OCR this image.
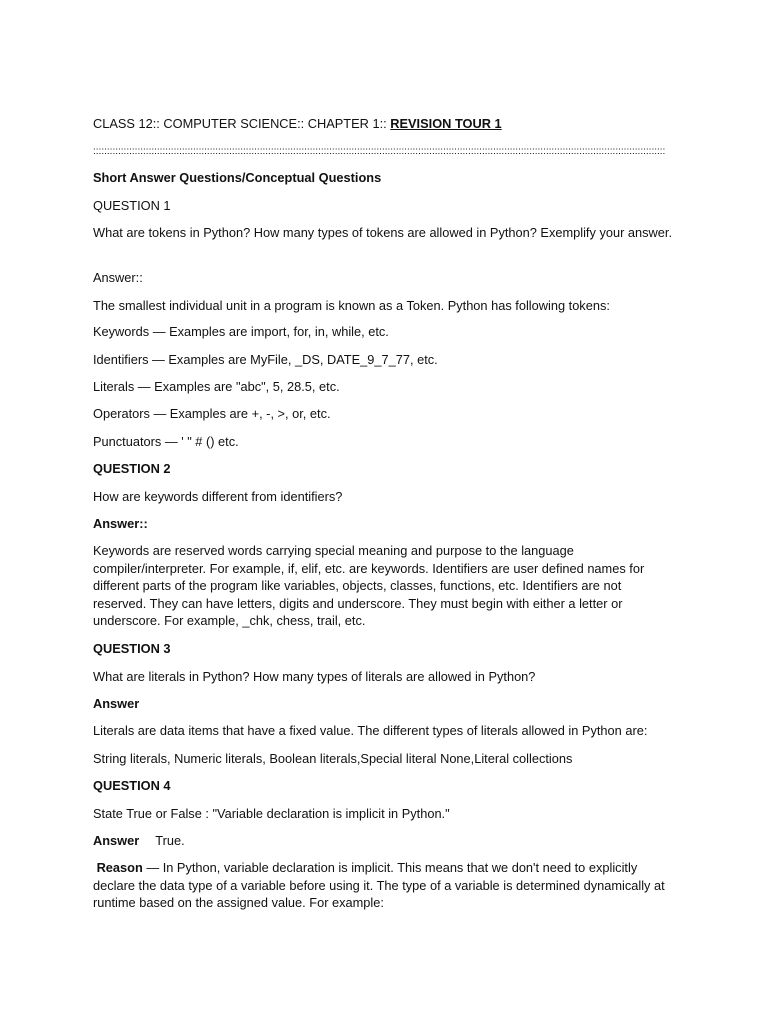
CLASS 12:: COMPUTER SCIENCE:: CHAPTER 1:: REVISION TOUR 1
::::::::::::::::::::::::::::::::::::::::::::::::::::::::::::::::::::::::::::::::::::::::::::::::::::::::::::::::::::::::::::::::::::::::::::::::::::::::::::::::::::::::::::::::::::::::::::::::::::::::::::::
Short Answer Questions/Conceptual Questions
QUESTION 1
What are tokens in Python? How many types of tokens are allowed in Python? Exemplify your answer.
Answer::
The smallest individual unit in a program is known as a Token. Python has following tokens:
Keywords — Examples are import, for, in, while, etc.
Identifiers — Examples are MyFile, _DS, DATE_9_7_77, etc.
Literals — Examples are "abc", 5, 28.5, etc.
Operators — Examples are +, -, >, or, etc.
Punctuators — ' " # () etc.
QUESTION 2
How are keywords different from identifiers?
Answer::
Keywords are reserved words carrying special meaning and purpose to the language compiler/interpreter. For example, if, elif, etc. are keywords. Identifiers are user defined names for different parts of the program like variables, objects, classes, functions, etc. Identifiers are not reserved. They can have letters, digits and underscore. They must begin with either a letter or underscore. For example, _chk, chess, trail, etc.
QUESTION 3
What are literals in Python? How many types of literals are allowed in Python?
Answer
Literals are data items that have a fixed value. The different types of literals allowed in Python are:
String literals, Numeric literals, Boolean literals,Special literal None,Literal collections
QUESTION 4
State True or False : "Variable declaration is implicit in Python."
Answer True.
Reason — In Python, variable declaration is implicit. This means that we don't need to explicitly declare the data type of a variable before using it. The type of a variable is determined dynamically at runtime based on the assigned value. For example:
